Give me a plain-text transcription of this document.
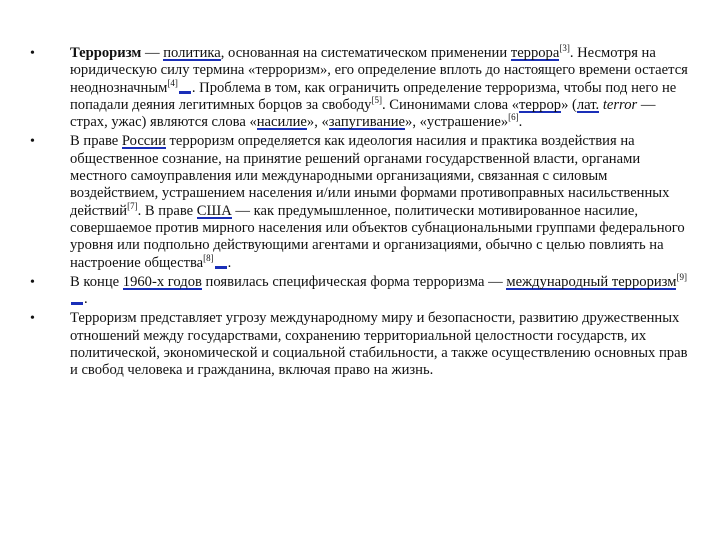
•	Терроризм — политика, основанная на систематическом применении террора[3]. Несмотря на юридическую силу термина «терроризм», его определение вплоть до настоящего времени остается неоднозначным[4] . Проблема в том, как ограничить определение терроризма, чтобы под него не попадали деяния легитимных борцов за свободу[5]. Синонимами слова «террор» (лат. terror — страх, ужас) являются слова «насилие», «запугивание», «устрашение»[6].
•	В праве России терроризм определяется как идеология насилия и практика воздействия на общественное сознание, на принятие решений органами государственной власти, органами местного самоуправления или международными организациями, связанная с силовым воздействием, устрашением населения и/или иными формами противоправных насильственных действий[7]. В праве США — как предумышленное, политически мотивированное насилие, совершаемое против мирного населения или объектов субнациональными группами федерального уровня или подпольно действующими агентами и организациями, обычно с целью повлиять на настроение общества[8] .
•	В конце 1960-х годов появилась специфическая форма терроризма — международный терроризм[9].
•	Терроризм представляет угрозу международному миру и безопасности, развитию дружественных отношений между государствами, сохранению территориальной целостности государств, их политической, экономической и социальной стабильности, а также осуществлению основных прав и свобод человека и гражданина, включая право на жизнь.
